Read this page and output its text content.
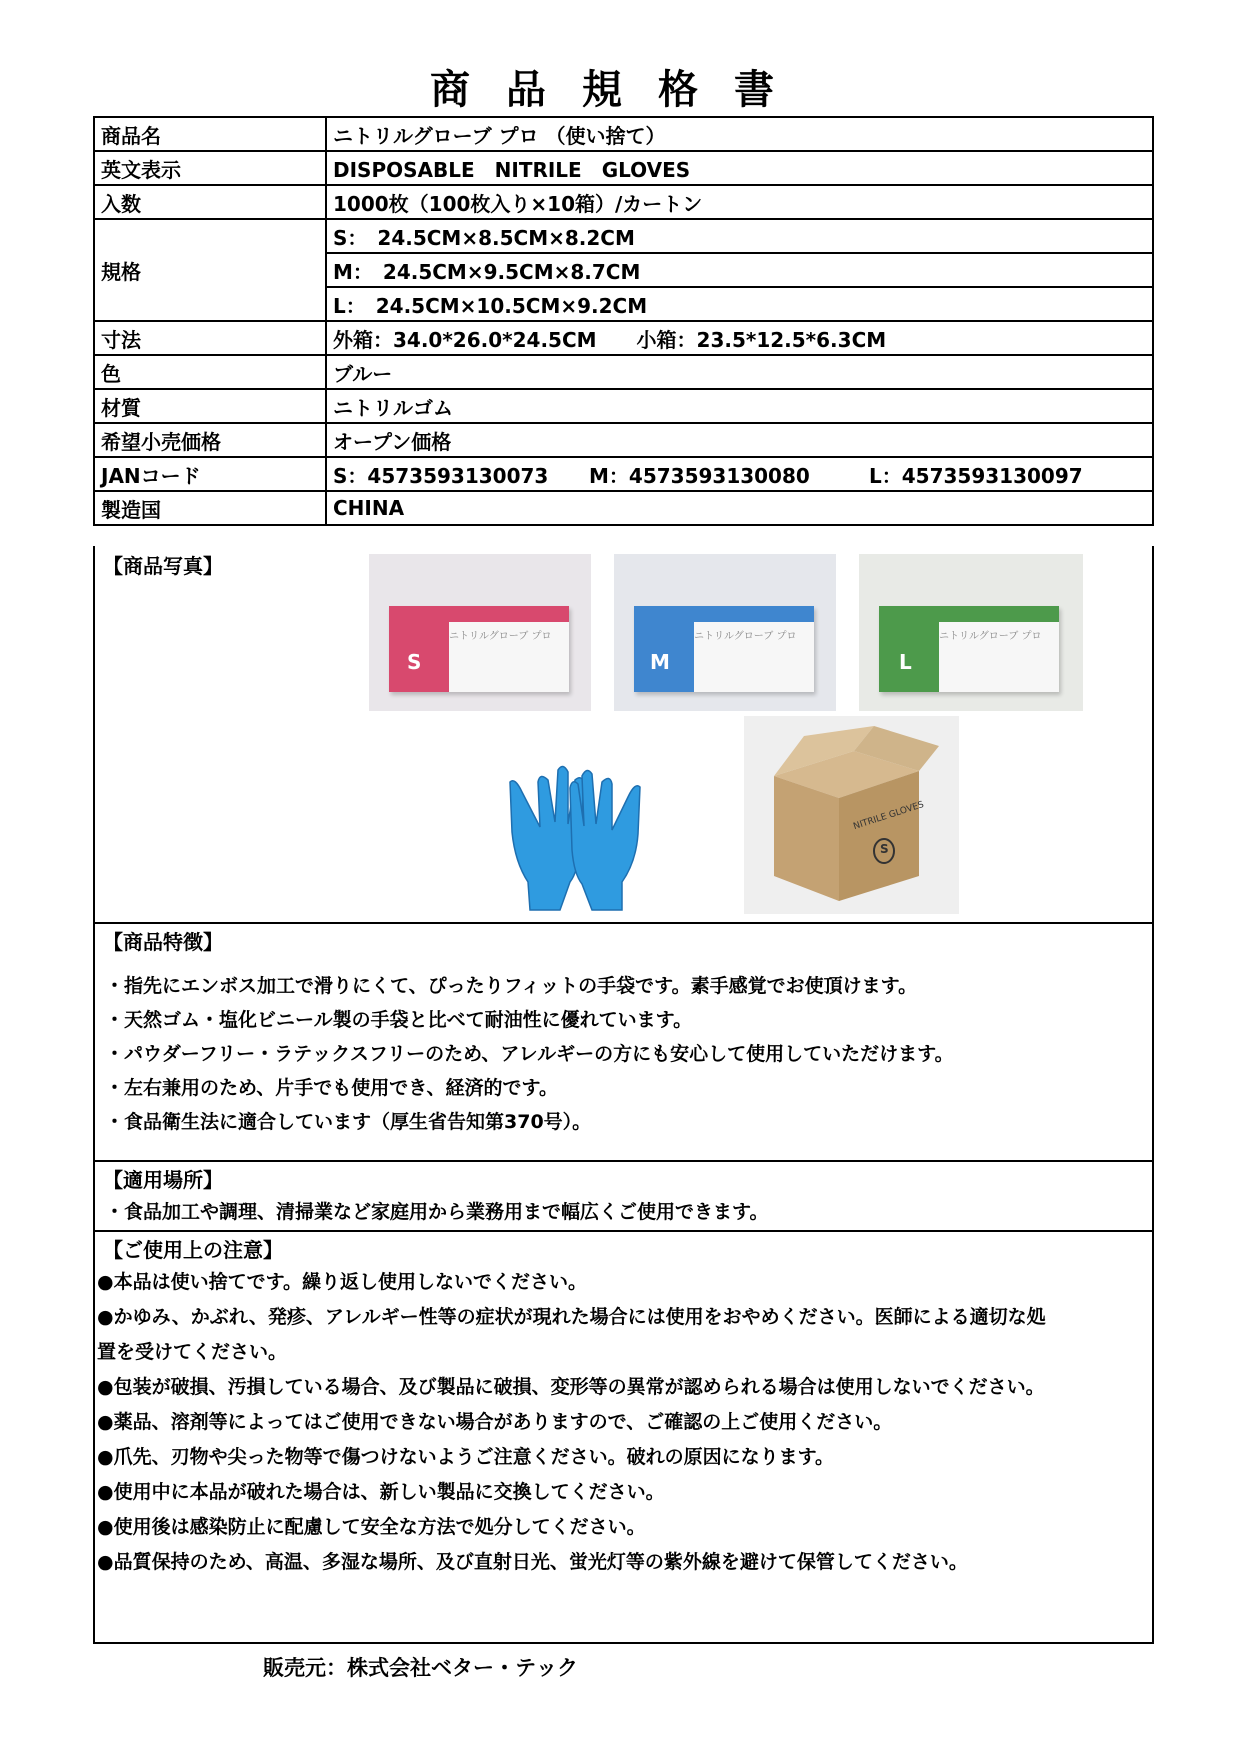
商品規格書
商品名	ニトリルグローブ プロ （使い捨て）
英文表示	DISPOSABLE　NITRILE　GLOVES
入数	1000枚（100枚入り×10箱）/カートン
規格	S：　24.5CM×8.5CM×8.2CM
	M：　24.5CM×9.5CM×8.7CM
	L：　24.5CM×10.5CM×9.2CM
寸法	外箱：34.0*26.0*24.5CM　　小箱：23.5*12.5*6.3CM
色	ブルー
材質	ニトリルゴム
希望小売価格	オープン価格
JANコード	S：4573593130073 M：4573593130080 L：4573593130097
製造国	CHINA
【商品写真】
ニトリルグローブ プロ
S
ニトリルグローブ プロ
M
ニトリルグローブ プロ
L
NITRILE GLOVES
S
【商品特徴】
・指先にエンボス加工で滑りにくて、ぴったりフィットの手袋です。素手感覚でお使頂けます。
・天然ゴム・塩化ビニール製の手袋と比べて耐油性に優れています。
・パウダーフリー・ラテックスフリーのため、アレルギーの方にも安心して使用していただけます。
・左右兼用のため、片手でも使用でき、経済的です。
・食品衛生法に適合しています（厚生省告知第370号）。
【適用場所】
・食品加工や調理、清掃業など家庭用から業務用まで幅広くご使用できます。
【ご使用上の注意】
●本品は使い捨てです。繰り返し使用しないでください。
●かゆみ、かぶれ、発疹、アレルギー性等の症状が現れた場合には使用をおやめください。医師による適切な処
置を受けてください。
●包装が破損、汚損している場合、及び製品に破損、変形等の異常が認められる場合は使用しないでください。
●薬品、溶剤等によってはご使用できない場合がありますので、ご確認の上ご使用ください。
●爪先、刃物や尖った物等で傷つけないようご注意ください。破れの原因になります。
●使用中に本品が破れた場合は、新しい製品に交換してください。
●使用後は感染防止に配慮して安全な方法で処分してください。
●品質保持のため、高温、多湿な場所、及び直射日光、蛍光灯等の紫外線を避けて保管してください。
販売元：株式会社ベター・テック
